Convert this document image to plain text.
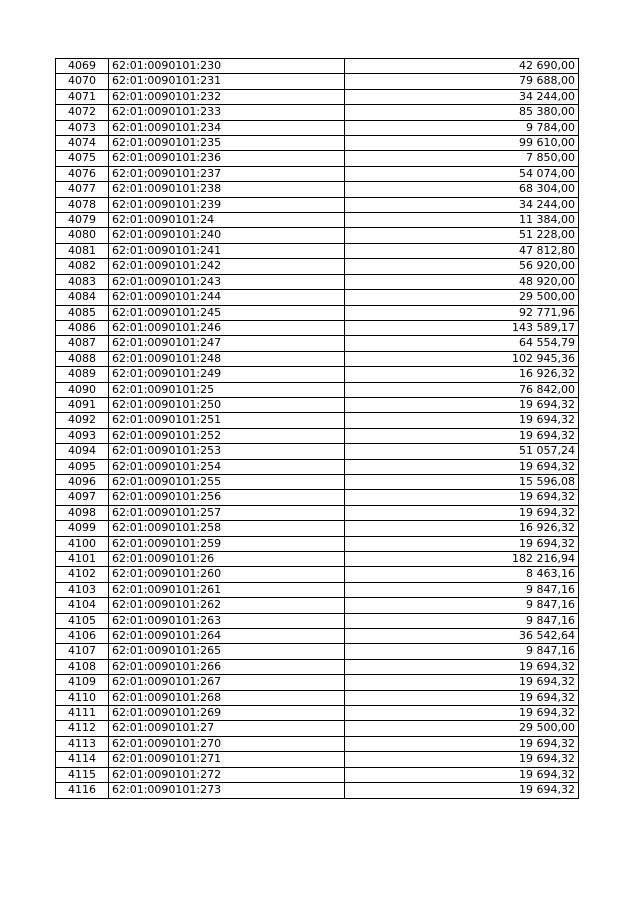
4069	62:01:0090101:230	42 690,00
4070	62:01:0090101:231	79 688,00
4071	62:01:0090101:232	34 244,00
4072	62:01:0090101:233	85 380,00
4073	62:01:0090101:234	9 784,00
4074	62:01:0090101:235	99 610,00
4075	62:01:0090101:236	7 850,00
4076	62:01:0090101:237	54 074,00
4077	62:01:0090101:238	68 304,00
4078	62:01:0090101:239	34 244,00
4079	62:01:0090101:24	11 384,00
4080	62:01:0090101:240	51 228,00
4081	62:01:0090101:241	47 812,80
4082	62:01:0090101:242	56 920,00
4083	62:01:0090101:243	48 920,00
4084	62:01:0090101:244	29 500,00
4085	62:01:0090101:245	92 771,96
4086	62:01:0090101:246	143 589,17
4087	62:01:0090101:247	64 554,79
4088	62:01:0090101:248	102 945,36
4089	62:01:0090101:249	16 926,32
4090	62:01:0090101:25	76 842,00
4091	62:01:0090101:250	19 694,32
4092	62:01:0090101:251	19 694,32
4093	62:01:0090101:252	19 694,32
4094	62:01:0090101:253	51 057,24
4095	62:01:0090101:254	19 694,32
4096	62:01:0090101:255	15 596,08
4097	62:01:0090101:256	19 694,32
4098	62:01:0090101:257	19 694,32
4099	62:01:0090101:258	16 926,32
4100	62:01:0090101:259	19 694,32
4101	62:01:0090101:26	182 216,94
4102	62:01:0090101:260	8 463,16
4103	62:01:0090101:261	9 847,16
4104	62:01:0090101:262	9 847,16
4105	62:01:0090101:263	9 847,16
4106	62:01:0090101:264	36 542,64
4107	62:01:0090101:265	9 847,16
4108	62:01:0090101:266	19 694,32
4109	62:01:0090101:267	19 694,32
4110	62:01:0090101:268	19 694,32
4111	62:01:0090101:269	19 694,32
4112	62:01:0090101:27	29 500,00
4113	62:01:0090101:270	19 694,32
4114	62:01:0090101:271	19 694,32
4115	62:01:0090101:272	19 694,32
4116	62:01:0090101:273	19 694,32
